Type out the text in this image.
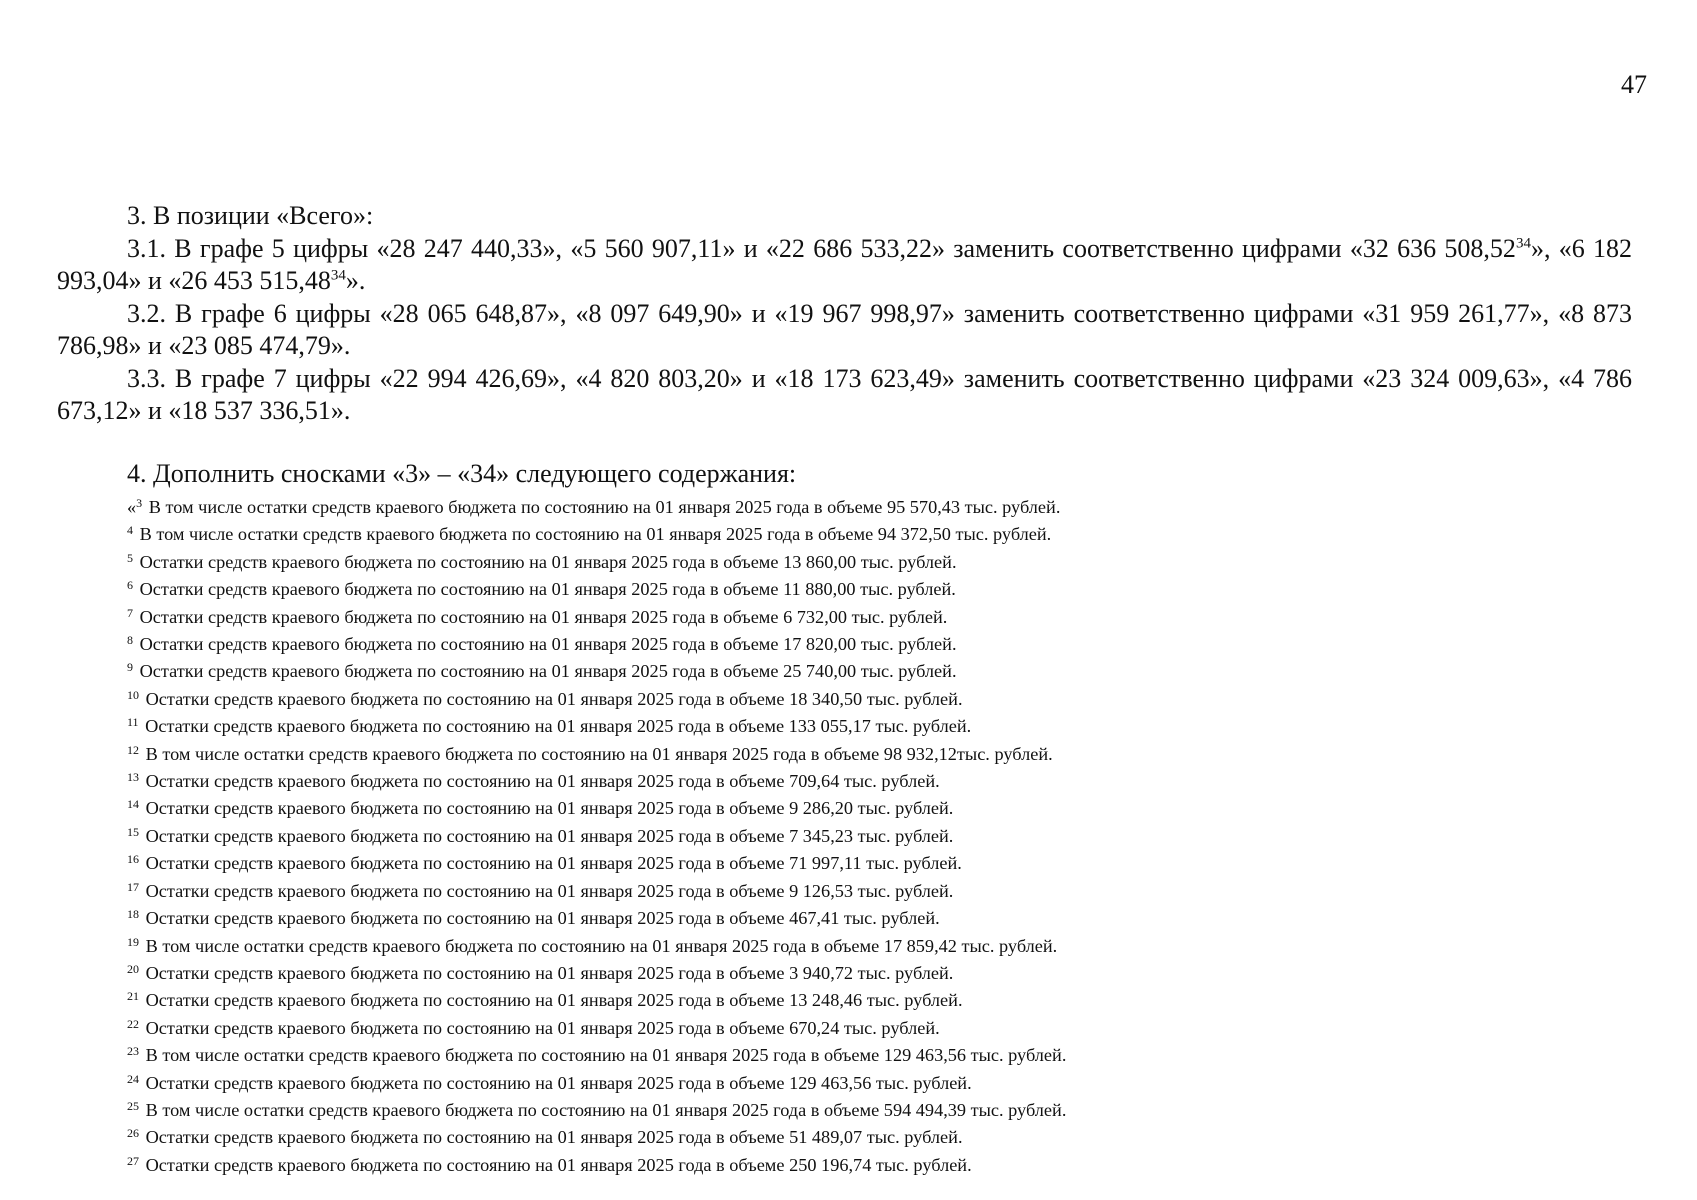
47

3. В позиции «Всего»:

3.1. В графе 5 цифры «28 247 440,33», «5 560 907,11» и «22 686 533,22» заменить соответственно цифрами «32 636 508,52$^{34}$», «6 182 993,04» и «26 453 515,48$^{34}$».

3.2. В графе 6 цифры «28 065 648,87», «8 097 649,90» и «19 967 998,97» заменить соответственно цифрами «31 959 261,77», «8 873 786,98» и «23 085 474,79».

3.3. В графе 7 цифры «22 994 426,69», «4 820 803,20» и «18 173 623,49» заменить соответственно цифрами «23 324 009,63», «4 786 673,12» и «18 537 336,51».

4. Дополнить сносками «3» – «34» следующего содержания:

«$^3$ В том числе остатки средств краевого бюджета по состоянию на 01 января 2025 года в объеме 95 570,43 тыс. рублей.
$^4$ В том числе остатки средств краевого бюджета по состоянию на 01 января 2025 года в объеме 94 372,50 тыс. рублей.
$^5$ Остатки средств краевого бюджета по состоянию на 01 января 2025 года в объеме 13 860,00 тыс. рублей.
$^6$ Остатки средств краевого бюджета по состоянию на 01 января 2025 года в объеме 11 880,00 тыс. рублей.
$^7$ Остатки средств краевого бюджета по состоянию на 01 января 2025 года в объеме 6 732,00 тыс. рублей.
$^8$ Остатки средств краевого бюджета по состоянию на 01 января 2025 года в объеме 17 820,00 тыс. рублей.
$^9$ Остатки средств краевого бюджета по состоянию на 01 января 2025 года в объеме 25 740,00 тыс. рублей.
$^{10}$ Остатки средств краевого бюджета по состоянию на 01 января 2025 года в объеме 18 340,50 тыс. рублей.
$^{11}$ Остатки средств краевого бюджета по состоянию на 01 января 2025 года в объеме 133 055,17 тыс. рублей.
$^{12}$ В том числе остатки средств краевого бюджета по состоянию на 01 января 2025 года в объеме 98 932,12тыс. рублей.
$^{13}$ Остатки средств краевого бюджета по состоянию на 01 января 2025 года в объеме 709,64 тыс. рублей.
$^{14}$ Остатки средств краевого бюджета по состоянию на 01 января 2025 года в объеме 9 286,20 тыс. рублей.
$^{15}$ Остатки средств краевого бюджета по состоянию на 01 января 2025 года в объеме 7 345,23 тыс. рублей.
$^{16}$ Остатки средств краевого бюджета по состоянию на 01 января 2025 года в объеме 71 997,11 тыс. рублей.
$^{17}$ Остатки средств краевого бюджета по состоянию на 01 января 2025 года в объеме 9 126,53 тыс. рублей.
$^{18}$ Остатки средств краевого бюджета по состоянию на 01 января 2025 года в объеме 467,41 тыс. рублей.
$^{19}$ В том числе остатки средств краевого бюджета по состоянию на 01 января 2025 года в объеме 17 859,42 тыс. рублей.
$^{20}$ Остатки средств краевого бюджета по состоянию на 01 января 2025 года в объеме 3 940,72 тыс. рублей.
$^{21}$ Остатки средств краевого бюджета по состоянию на 01 января 2025 года в объеме 13 248,46 тыс. рублей.
$^{22}$ Остатки средств краевого бюджета по состоянию на 01 января 2025 года в объеме 670,24 тыс. рублей.
$^{23}$ В том числе остатки средств краевого бюджета по состоянию на 01 января 2025 года в объеме 129 463,56 тыс. рублей.
$^{24}$ Остатки средств краевого бюджета по состоянию на 01 января 2025 года в объеме 129 463,56 тыс. рублей.
$^{25}$ В том числе остатки средств краевого бюджета по состоянию на 01 января 2025 года в объеме 594 494,39 тыс. рублей.
$^{26}$ Остатки средств краевого бюджета по состоянию на 01 января 2025 года в объеме 51 489,07 тыс. рублей.
$^{27}$ Остатки средств краевого бюджета по состоянию на 01 января 2025 года в объеме 250 196,74 тыс. рублей.
